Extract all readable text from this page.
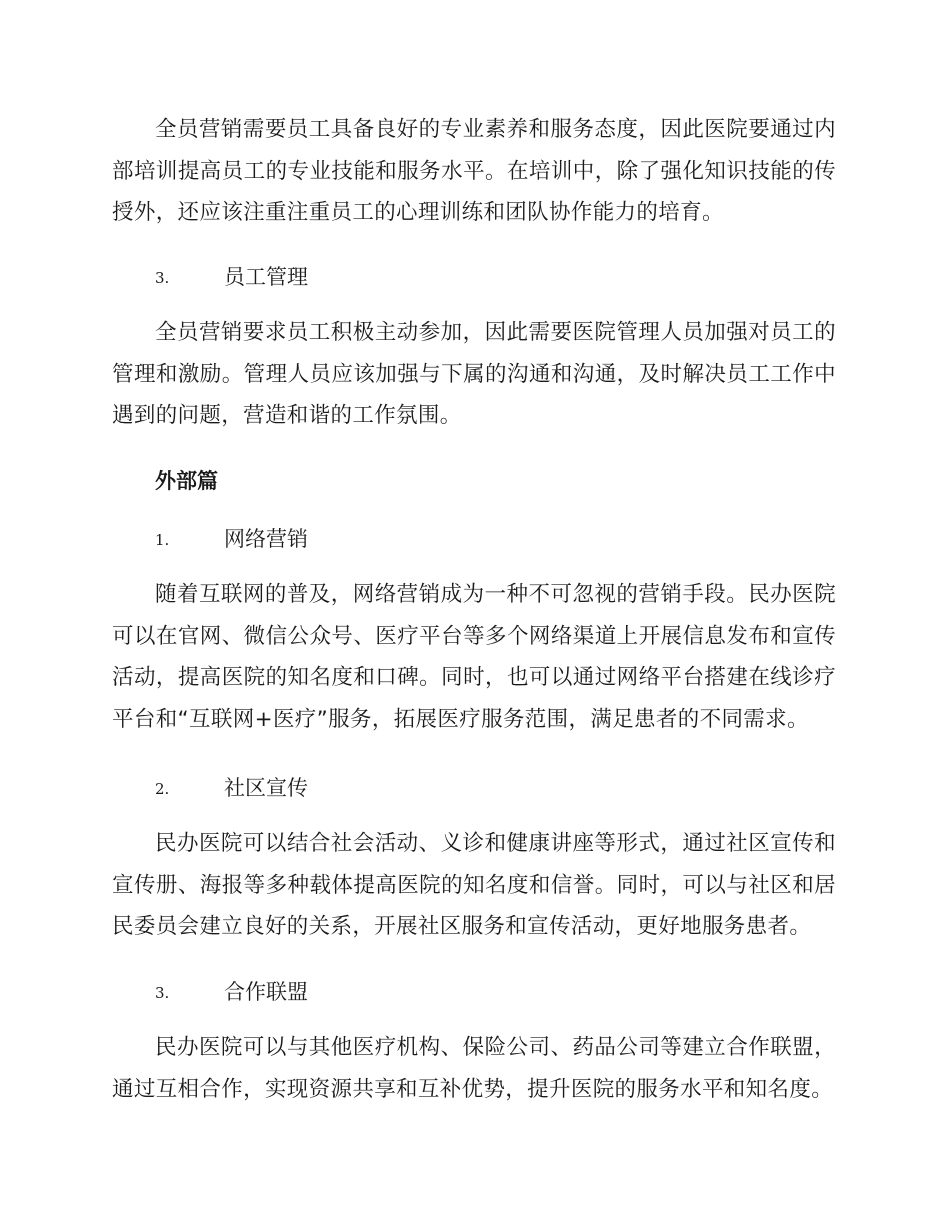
全员营销需要员工具备良好的专业素养和服务态度，因此医院要通过内部培训提高员工的专业技能和服务水平。在培训中，除了强化知识技能的传授外，还应该注重注重员工的心理训练和团队协作能力的培育。

3.	员工管理

全员营销要求员工积极主动参加，因此需要医院管理人员加强对员工的管理和激励。管理人员应该加强与下属的沟通和沟通，及时解决员工工作中遇到的问题，营造和谐的工作氛围。

外部篇
1.	网络营销

随着互联网的普及，网络营销成为一种不可忽视的营销手段。民办医院可以在官网、微信公众号、医疗平台等多个网络渠道上开展信息发布和宣传活动，提高医院的知名度和口碑。同时，也可以通过网络平台搭建在线诊疗平台和“互联网+医疗”服务，拓展医疗服务范围，满足患者的不同需求。

2.	社区宣传

民办医院可以结合社会活动、义诊和健康讲座等形式，通过社区宣传和宣传册、海报等多种载体提高医院的知名度和信誉。同时，可以与社区和居民委员会建立良好的关系，开展社区服务和宣传活动，更好地服务患者。

3.	合作联盟

民办医院可以与其他医疗机构、保险公司、药品公司等建立合作联盟，通过互相合作，实现资源共享和互补优势，提升医院的服务水平和知名度。
